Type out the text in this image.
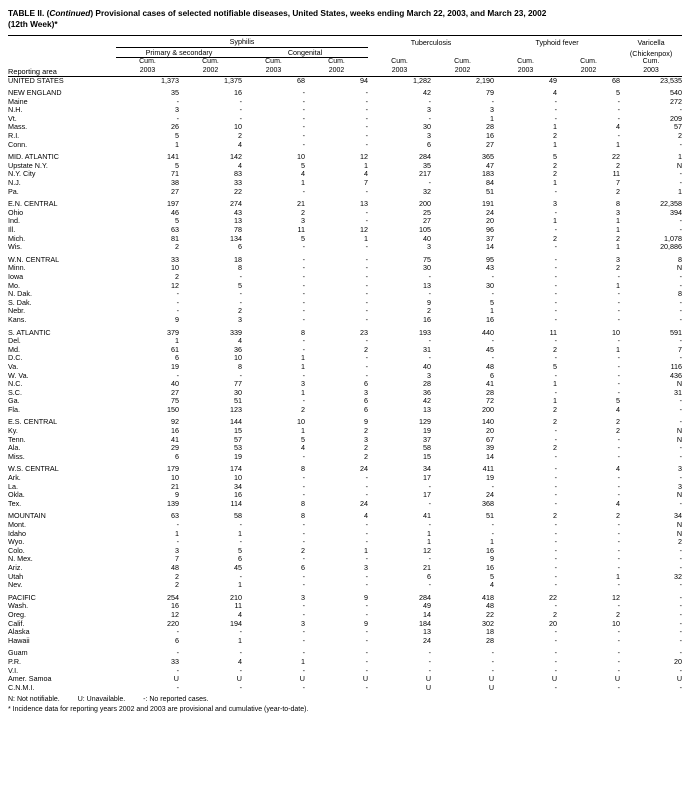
TABLE II. (Continued) Provisional cases of selected notifiable diseases, United States, weeks ending March 22, 2003, and March 23, 2002
(12th Week)*
	Syphilis				Tuberculosis		Typhoid fever		Varicella
	Primary & secondary		Congenital						(Chickenpox)
	Cum.	Cum.	Cum.	Cum.	Cum.	Cum.	Cum.	Cum.	Cum.
Reporting area	2003	2002	2003	2002	2003	2002	2003	2002	2003
UNITED STATES	1,373	1,375	68	94	1,282	2,190	49	68	23,535

NEW ENGLAND	35	16	-	-	42	79	4	5	540
Maine	-	-	-	-	-	-	-	-	272
N.H.	3	-	-	-	3	3	-	-	-
Vt.	-	-	-	-	-	1	-	-	209
Mass.	26	10	-	-	30	28	1	4	57
R.I.	5	2	-	-	3	16	2	-	2
Conn.	1	4	-	-	6	27	1	1	-

MID. ATLANTIC	141	142	10	12	284	365	5	22	1
Upstate N.Y.	5	4	5	1	35	47	2	2	N
N.Y. City	71	83	4	4	217	183	2	11	-
N.J.	38	33	1	7	-	84	1	7	-
Pa.	27	22	-	-	32	51	-	2	1

E.N. CENTRAL	197	274	21	13	200	191	3	8	22,358
Ohio	46	43	2	-	25	24	-	3	394
Ind.	5	13	3	-	27	20	1	1	-
Ill.	63	78	11	12	105	96	-	1	-
Mich.	81	134	5	1	40	37	2	2	1,078
Wis.	2	6	-	-	3	14	-	1	20,886

W.N. CENTRAL	33	18	-	-	75	95	-	3	8
Minn.	10	8	-	-	30	43	-	2	N
Iowa	2	-	-	-	-	-	-	-	-
Mo.	12	5	-	-	13	30	-	1	-
N. Dak.	-	-	-	-	-	-	-	-	8
S. Dak.	-	-	-	-	9	5	-	-	-
Nebr.	-	2	-	-	2	1	-	-	-
Kans.	9	3	-	-	16	16	-	-	-

S. ATLANTIC	379	339	8	23	193	440	11	10	591
Del.	1	4	-	-	-	-	-	-	-
Md.	61	36	-	2	31	45	2	1	7
D.C.	6	10	1	-	-	-	-	-	-
Va.	19	8	1	-	40	48	5	-	116
W. Va.	-	-	-	-	3	6	-	-	436
N.C.	40	77	3	6	28	41	1	-	N
S.C.	27	30	1	3	36	28	-	-	31
Ga.	75	51	-	6	42	72	1	5	-
Fla.	150	123	2	6	13	200	2	4	-

E.S. CENTRAL	92	144	10	9	129	140	2	2	-
Ky.	16	15	1	2	19	20	-	2	N
Tenn.	41	57	5	3	37	67	-	-	N
Ala.	29	53	4	2	58	39	2	-	-
Miss.	6	19	-	2	15	14	-	-	-

W.S. CENTRAL	179	174	8	24	34	411	-	4	3
Ark.	10	10	-	-	17	19	-	-	-
La.	21	34	-	-	-	-	-	-	3
Okla.	9	16	-	-	17	24	-	-	N
Tex.	139	114	8	24	-	368	-	4	-

MOUNTAIN	63	58	8	4	41	51	2	2	34
Mont.	-	-	-	-	-	-	-	-	N
Idaho	1	1	-	-	1	-	-	-	N
Wyo.	-	-	-	-	1	1	-	-	2
Colo.	3	5	2	1	12	16	-	-	-
N. Mex.	7	6	-	-	-	9	-	-	-
Ariz.	48	45	6	3	21	16	-	-	-
Utah	2	-	-	-	6	5	-	1	32
Nev.	2	1	-	-	-	4	-	-	-

PACIFIC	254	210	3	9	284	418	22	12	-
Wash.	16	11	-	-	49	48	-	-	-
Oreg.	12	4	-	-	14	22	2	2	-
Calif.	220	194	3	9	184	302	20	10	-
Alaska	-	-	-	-	13	18	-	-	-
Hawaii	6	1	-	-	24	28	-	-	-

Guam	-	-	-	-	-	-	-	-	-
P.R.	33	4	1	-	-	-	-	-	20
V.I.	-	-	-	-	-	-	-	-	-
Amer. Samoa	U	U	U	U	U	U	U	U	U
C.N.M.I.	-	-	-	-	U	U	-	-	-
N: Not notifiable.	U: Unavailable.	-: No reported cases.
* Incidence data for reporting years 2002 and 2003 are provisional and cumulative (year-to-date).
